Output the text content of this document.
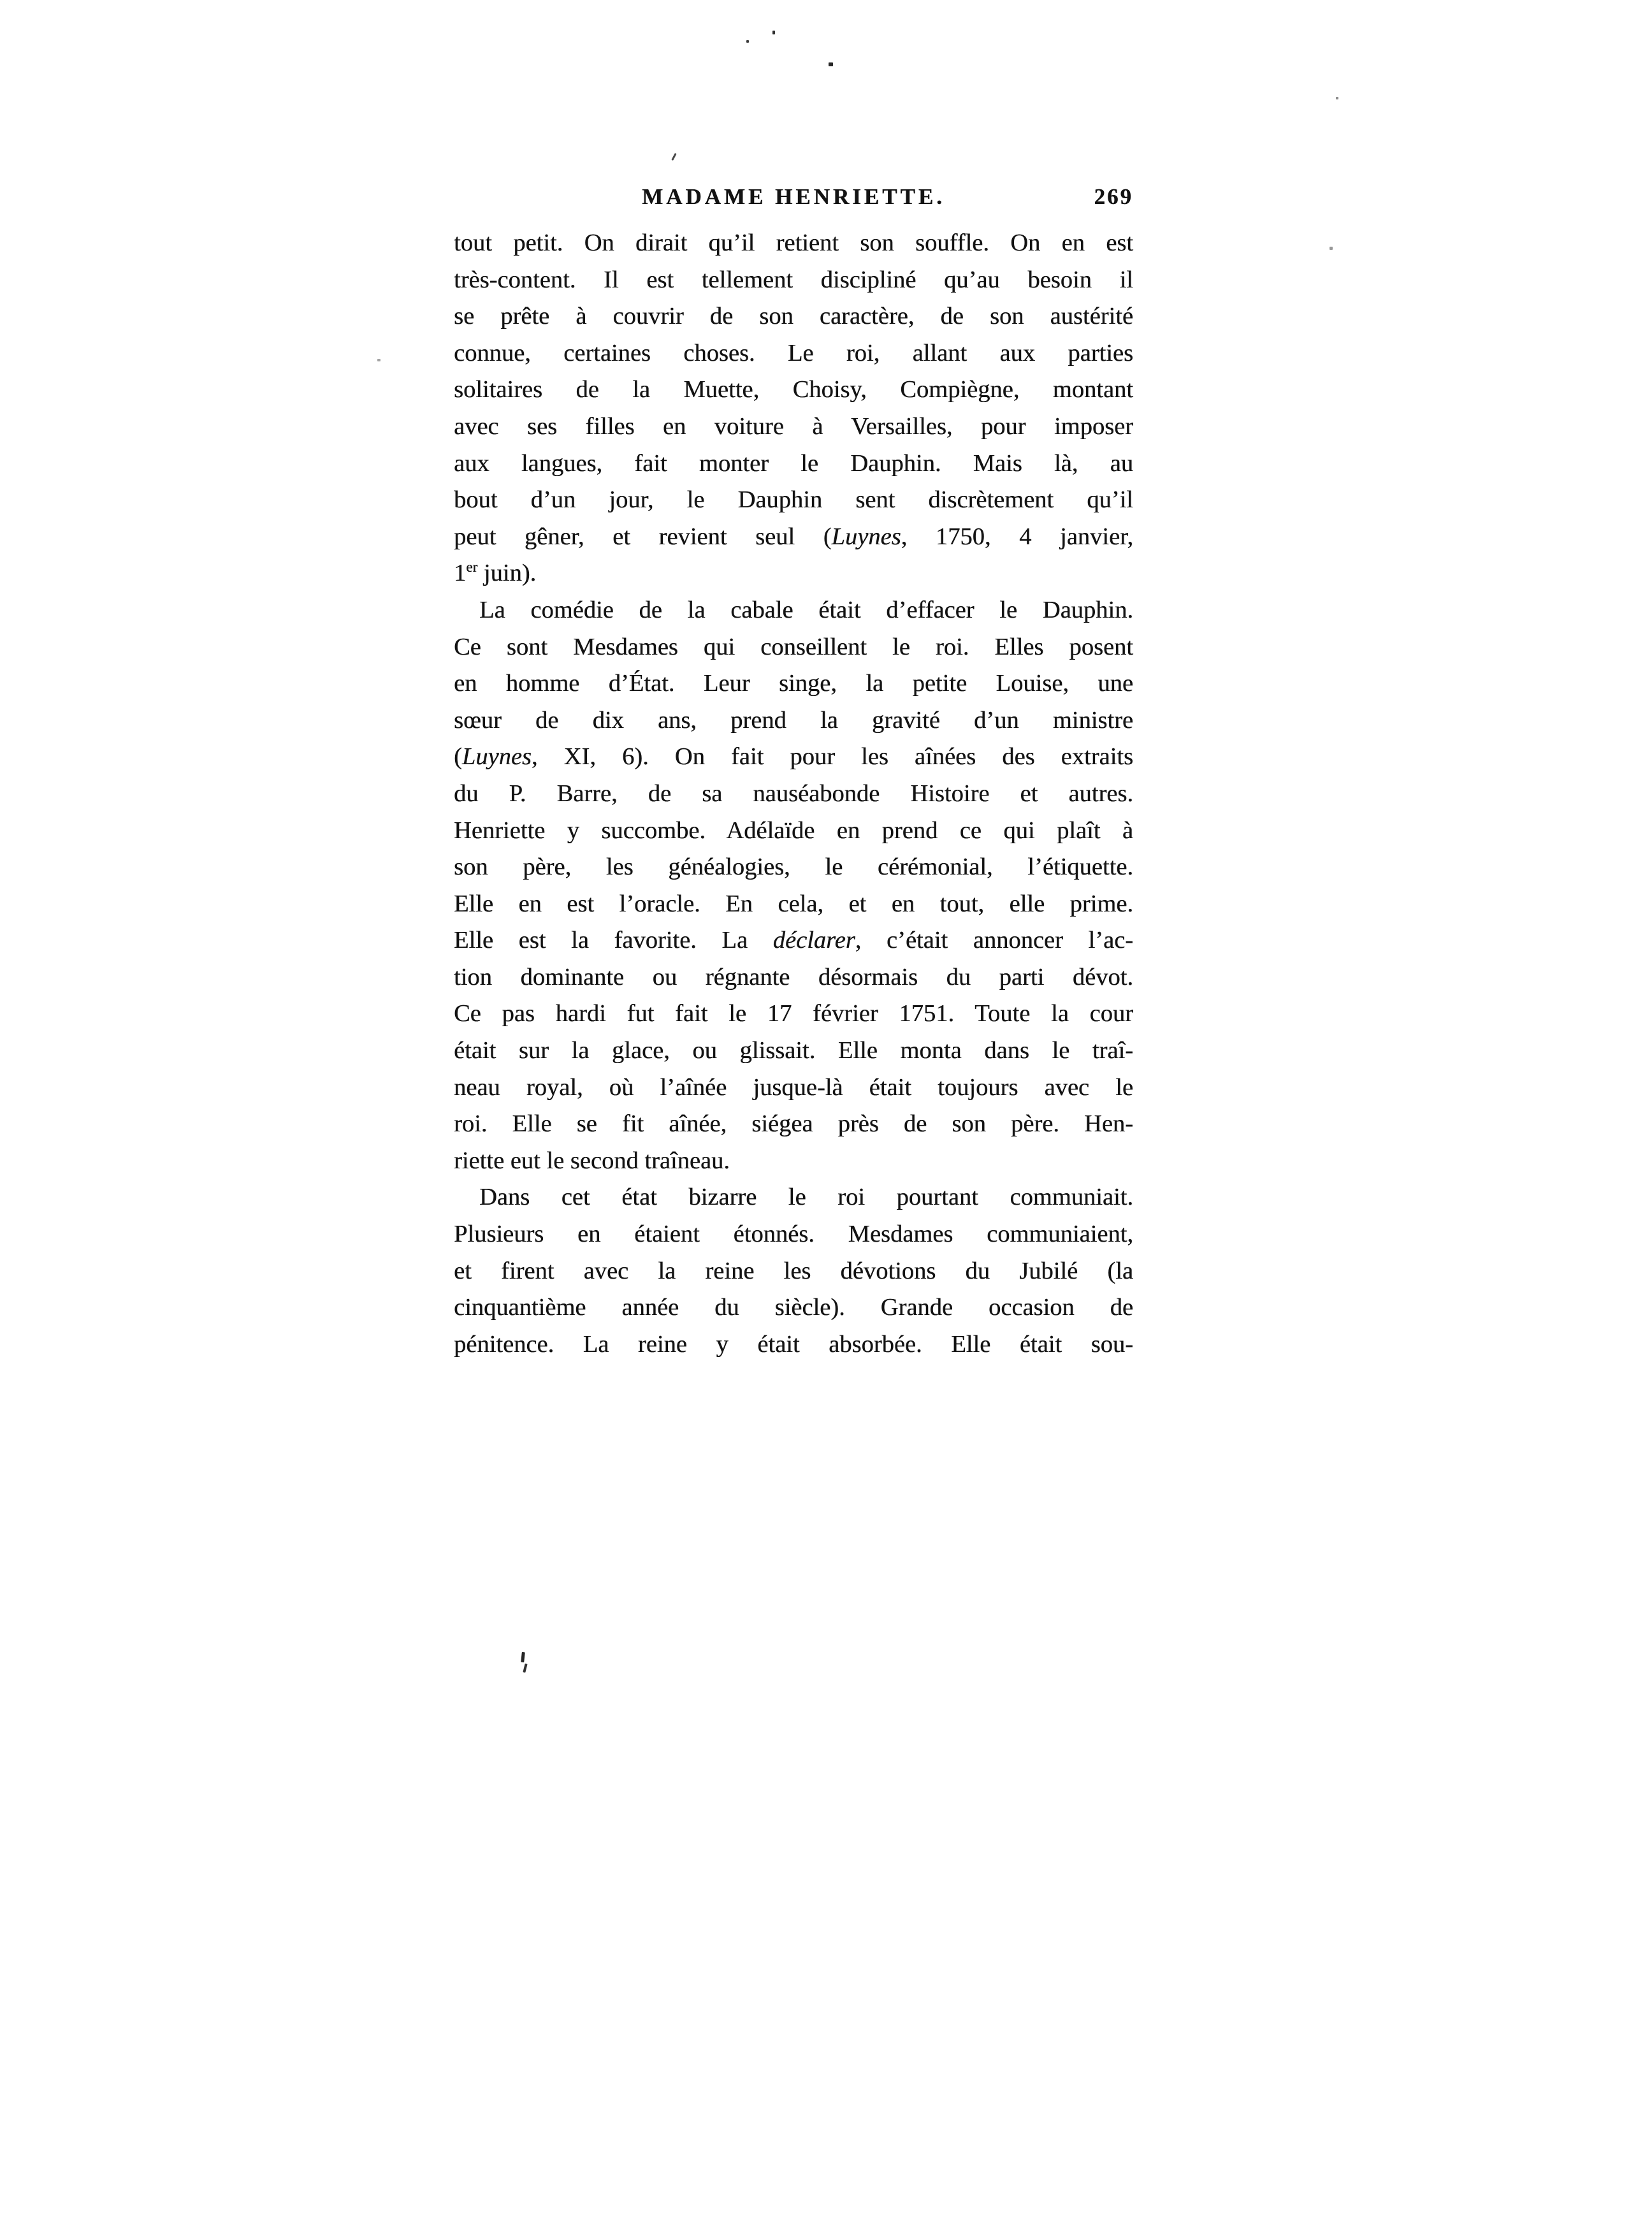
MADAME HENRIETTE.	269
tout petit. On dirait qu’il retient son souffle. On en est
très-content. Il est tellement discipliné qu’au besoin il
se prête à couvrir de son caractère, de son austérité
connue, certaines choses. Le roi, allant aux parties
solitaires de la Muette, Choisy, Compiègne, montant
avec ses filles en voiture à Versailles, pour imposer
aux langues, fait monter le Dauphin. Mais là, au
bout d’un jour, le Dauphin sent discrètement qu’il
peut gêner, et revient seul (Luynes, 1750, 4 janvier,
1er juin).
La comédie de la cabale était d’effacer le Dauphin.
Ce sont Mesdames qui conseillent le roi. Elles posent
en homme d’État. Leur singe, la petite Louise, une
sœur de dix ans, prend la gravité d’un ministre
(Luynes, XI, 6). On fait pour les aînées des extraits
du P. Barre, de sa nauséabonde Histoire et autres.
Henriette y succombe. Adélaïde en prend ce qui plaît à
son père, les généalogies, le cérémonial, l’étiquette.
Elle en est l’oracle. En cela, et en tout, elle prime.
Elle est la favorite. La déclarer, c’était annoncer l’ac-
tion dominante ou régnante désormais du parti dévot.
Ce pas hardi fut fait le 17 février 1751. Toute la cour
était sur la glace, ou glissait. Elle monta dans le traî-
neau royal, où l’aînée jusque-là était toujours avec le
roi. Elle se fit aînée, siégea près de son père. Hen-
riette eut le second traîneau.
Dans cet état bizarre le roi pourtant communiait.
Plusieurs en étaient étonnés. Mesdames communiaient,
et firent avec la reine les dévotions du Jubilé (la
cinquantième année du siècle). Grande occasion de
pénitence. La reine y était absorbée. Elle était sou-
